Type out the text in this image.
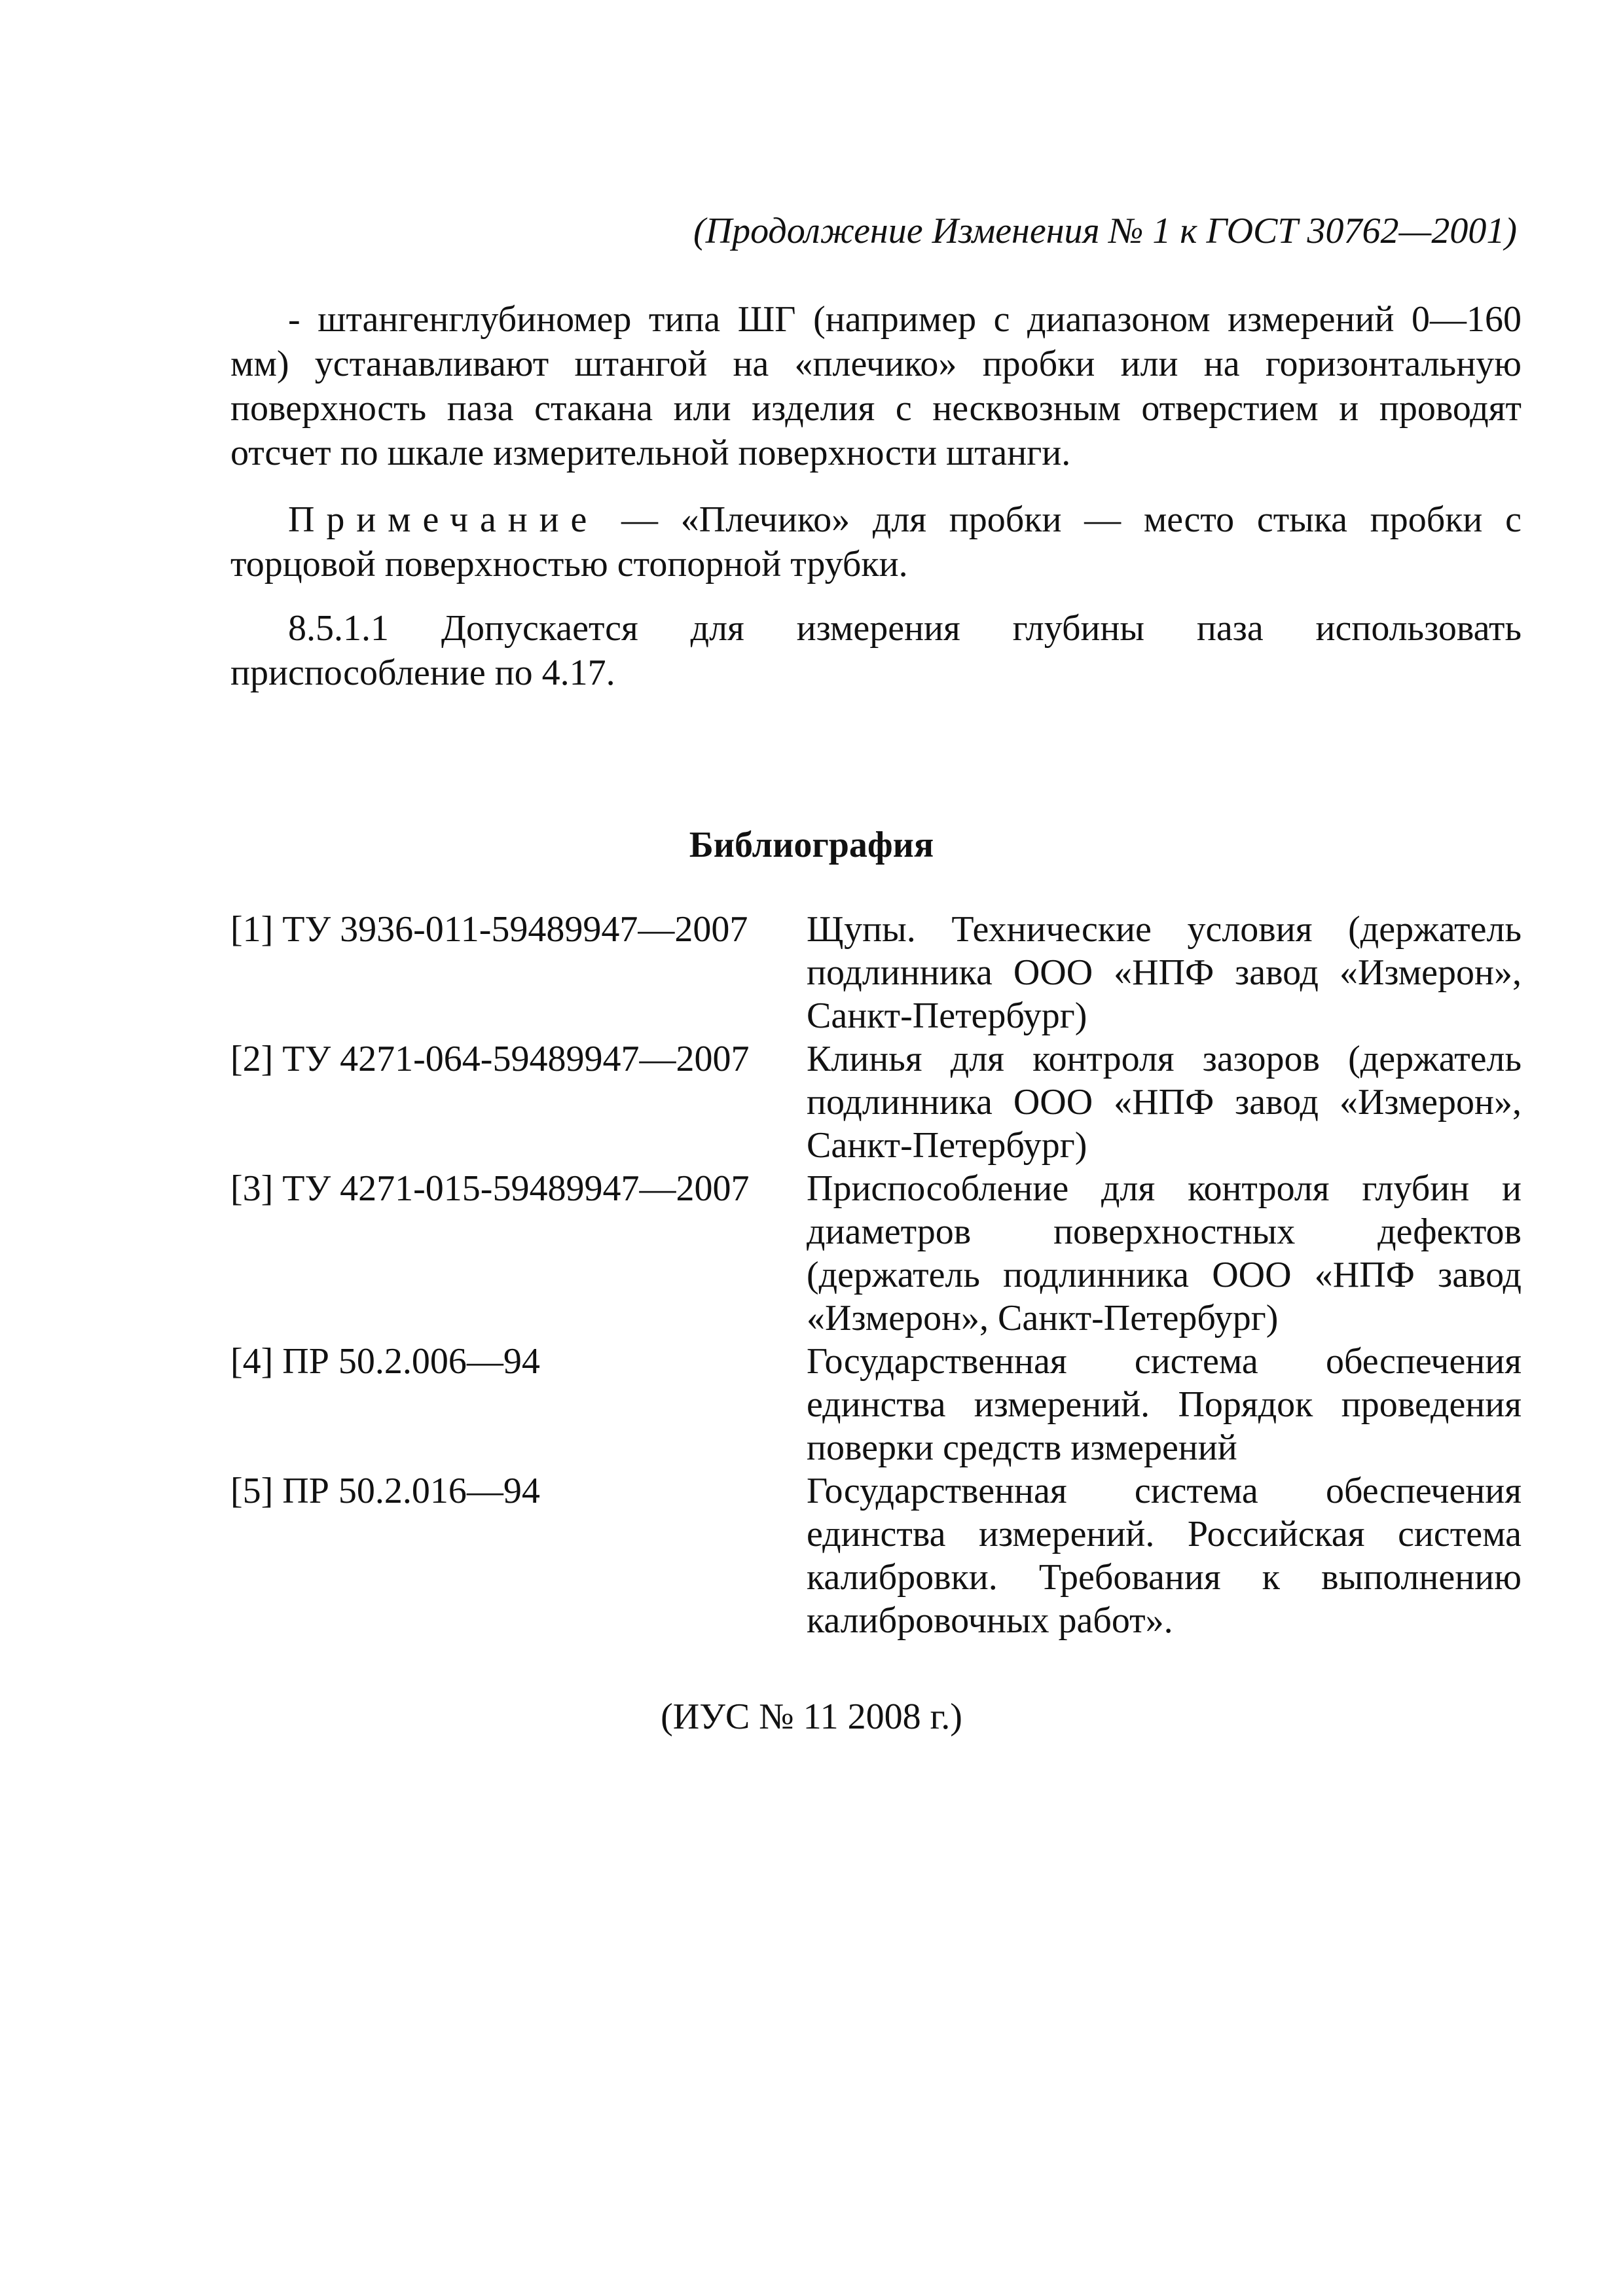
(Продолжение Изменения № 1 к ГОСТ 30762—2001)

- штангенглубиномер типа ШГ (например с диапазоном измерений 0—160 мм) устанавливают штангой на «плечико» пробки или на горизонтальную поверхность паза стакана или изделия с несквозным отверстием и проводят отсчет по шкале измерительной поверхности штанги.

Примечание — «Плечико» для пробки — место стыка пробки с торцовой поверхностью стопорной трубки.

8.5.1.1 Допускается для измерения глубины паза использовать приспособление по 4.17.

Библиография
[1] ТУ 3936-011-59489947—2007	Щупы. Технические условия (держатель подлинника ООО «НПФ завод «Измерон», Санкт-Петербург)
[2] ТУ 4271-064-59489947—2007	Клинья для контроля зазоров (держатель подлинника ООО «НПФ завод «Измерон», Санкт-Петербург)
[3] ТУ 4271-015-59489947—2007	Приспособление для контроля глубин и диаметров поверхностных дефектов (держатель подлинника ООО «НПФ завод «Измерон», Санкт-Петербург)
[4] ПР 50.2.006—94	Государственная система обеспечения единства измерений. Порядок проведения поверки средств измерений
[5] ПР 50.2.016—94	Государственная система обеспечения единства измерений. Российская система калибровки. Требования к выполнению калибровочных работ».

(ИУС № 11 2008 г.)
